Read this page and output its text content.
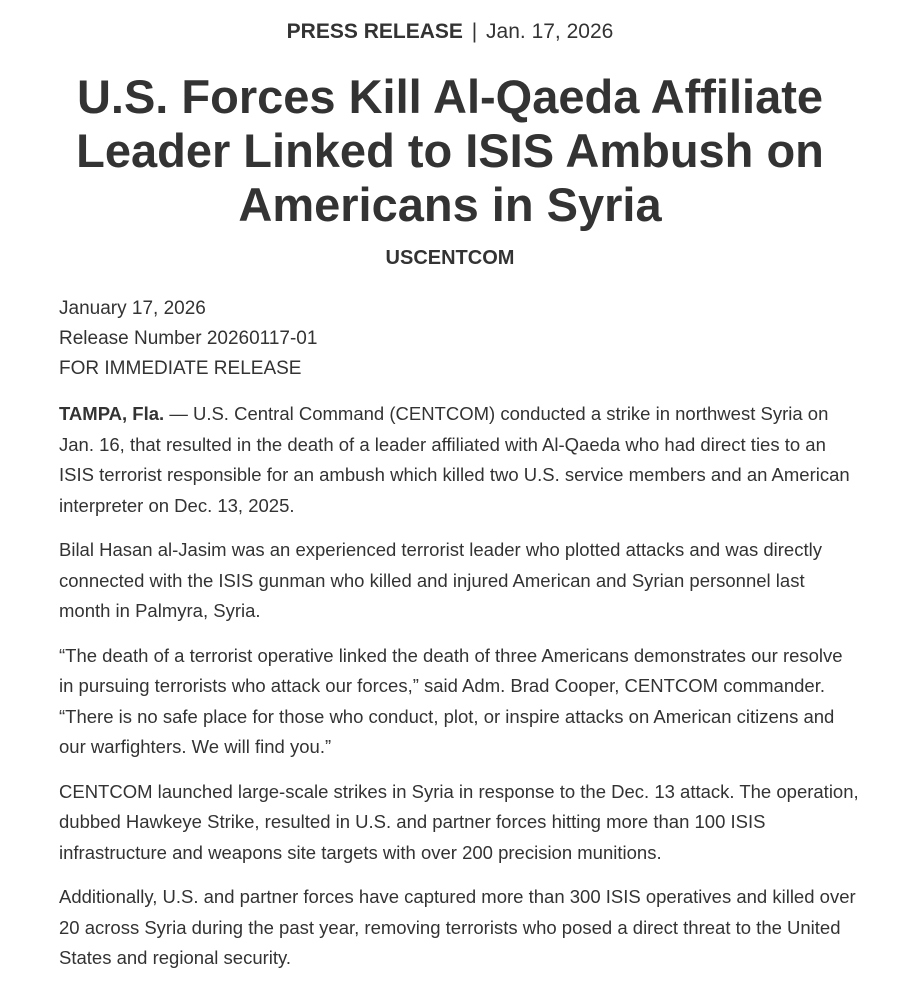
PRESS RELEASE | Jan. 17, 2026
U.S. Forces Kill Al-Qaeda Affiliate Leader Linked to ISIS Ambush on Americans in Syria
USCENTCOM
January 17, 2026
Release Number 20260117-01
FOR IMMEDIATE RELEASE

TAMPA, Fla. — U.S. Central Command (CENTCOM) conducted a strike in northwest Syria on Jan. 16, that resulted in the death of a leader affiliated with Al-Qaeda who had direct ties to an ISIS terrorist responsible for an ambush which killed two U.S. service members and an American interpreter on Dec. 13, 2025.

Bilal Hasan al-Jasim was an experienced terrorist leader who plotted attacks and was directly connected with the ISIS gunman who killed and injured American and Syrian personnel last month in Palmyra, Syria.

“The death of a terrorist operative linked the death of three Americans demonstrates our resolve in pursuing terrorists who attack our forces,” said Adm. Brad Cooper, CENTCOM commander. “There is no safe place for those who conduct, plot, or inspire attacks on American citizens and our warfighters. We will find you.”

CENTCOM launched large-scale strikes in Syria in response to the Dec. 13 attack. The operation, dubbed Hawkeye Strike, resulted in U.S. and partner forces hitting more than 100 ISIS infrastructure and weapons site targets with over 200 precision munitions.

Additionally, U.S. and partner forces have captured more than 300 ISIS operatives and killed over 20 across Syria during the past year, removing terrorists who posed a direct threat to the United States and regional security.
